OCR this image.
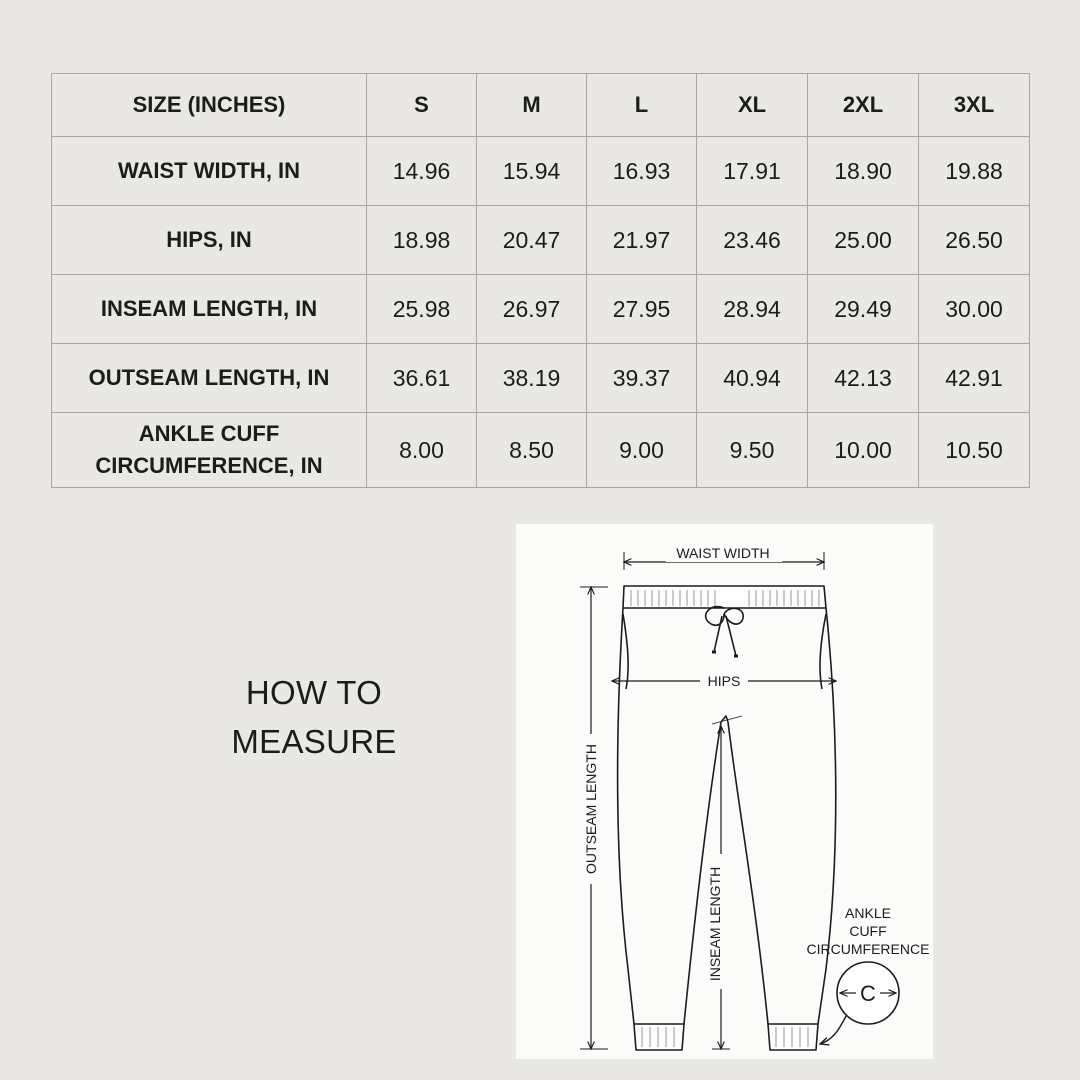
SIZE (INCHES)	S	M	L	XL	2XL	3XL
WAIST WIDTH, IN	14.96	15.94	16.93	17.91	18.90	19.88
HIPS, IN	18.98	20.47	21.97	23.46	25.00	26.50
INSEAM LENGTH, IN	25.98	26.97	27.95	28.94	29.49	30.00
OUTSEAM LENGTH, IN	36.61	38.19	39.37	40.94	42.13	42.91
ANKLE CUFF
CIRCUMFERENCE, IN	8.00	8.50	9.00	9.50	10.00	10.50
HOW TO
MEASURE
WAIST WIDTH
HIPS
OUTSEAM LENGTH
INSEAM LENGTH	ANKLE
CUFF
CIRCUMFERENCE
C
